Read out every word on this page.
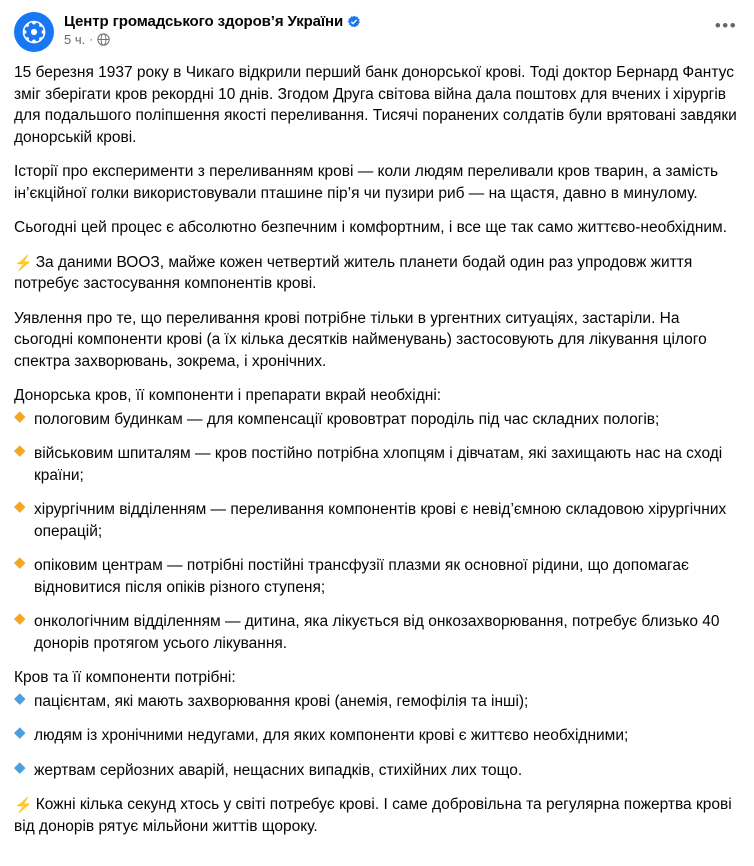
Центр громадського здоров’я України
5 ч. ·
•••

15 березня 1937 року в Чикаго відкрили перший банк донорської крові. Тоді доктор Бернард Фантус зміг зберігати кров рекордні 10 днів. Згодом Друга світова війна дала поштовх для вчених і хірургів для подальшого поліпшення якості переливання. Тисячі поранених солдатів були врятовані завдяки донорській крові.

Історії про експерименти з переливанням крові — коли людям переливали кров тварин, а замість ін’єкційної голки використовували пташине пір’я чи пузири риб — на щастя, давно в минулому.

Сьогодні цей процес є абсолютно безпечним і комфортним, і все ще так само життєво-необхідним.

⚡ За даними ВООЗ, майже кожен четвертий житель планети бодай один раз упродовж життя потребує застосування компонентів крові.

Уявлення про те, що переливання крові потрібне тільки в ургентних ситуаціях, застаріли. На сьогодні компоненти крові (а їх кілька десятків найменувань) застосовують для лікування цілого спектра захворювань, зокрема, і хронічних.

Донорська кров, її компоненти і препарати вкрай необхідні:

◆ пологовим будинкам — для компенсації крововтрат породіль під час складних пологів;

◆ військовим шпиталям — кров постійно потрібна хлопцям і дівчатам, які захищають нас на сході країни;

◆ хірургічним відділенням — переливання компонентів крові є невід’ємною складовою хірургічних операцій;

◆ опіковим центрам — потрібні постійні трансфузії плазми як основної рідини, що допомагає відновитися після опіків різного ступеня;

◆ онкологічним відділенням — дитина, яка лікується від онкозахворювання, потребує близько 40 донорів протягом усього лікування.

Кров та її компоненти потрібні:

◆ пацієнтам, які мають захворювання крові (анемія, гемофілія та інші);

◆ людям із хронічними недугами, для яких компоненти крові є життєво необхідними;

◆ жертвам серйозних аварій, нещасних випадків, стихійних лих тощо.

⚡ Кожні кілька секунд хтось у світі потребує крові. І саме добровільна та регулярна пожертва крові від донорів рятує мільйони життів щороку.
